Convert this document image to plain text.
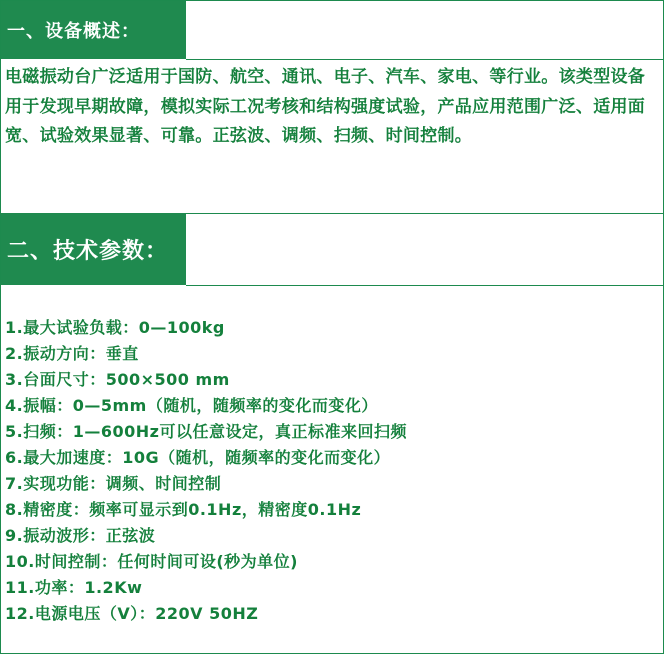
一、设备概述：
电磁振动台广泛适用于国防、航空、通讯、电子、汽车、家电、等行业。该类型设备用于发现早期故障，模拟实际工况考核和结构强度试验，产品应用范围广泛、适用面宽、试验效果显著、可靠。正弦波、调频、扫频、时间控制。
二、技术参数：
1.最大试验负载：0—100kg
2.振动方向：垂直
3.台面尺寸：500×500 mm
4.振幅：0—5mm（随机，随频率的变化而变化）
5.扫频：1—600Hz可以任意设定，真正标准来回扫频
6.最大加速度：10G（随机，随频率的变化而变化）
7.实现功能：调频、时间控制
8.精密度：频率可显示到0.1Hz，精密度0.1Hz
9.振动波形：正弦波
10.时间控制：任何时间可设(秒为单位)
11.功率：1.2Kw
12.电源电压（V）：220V 50HZ
